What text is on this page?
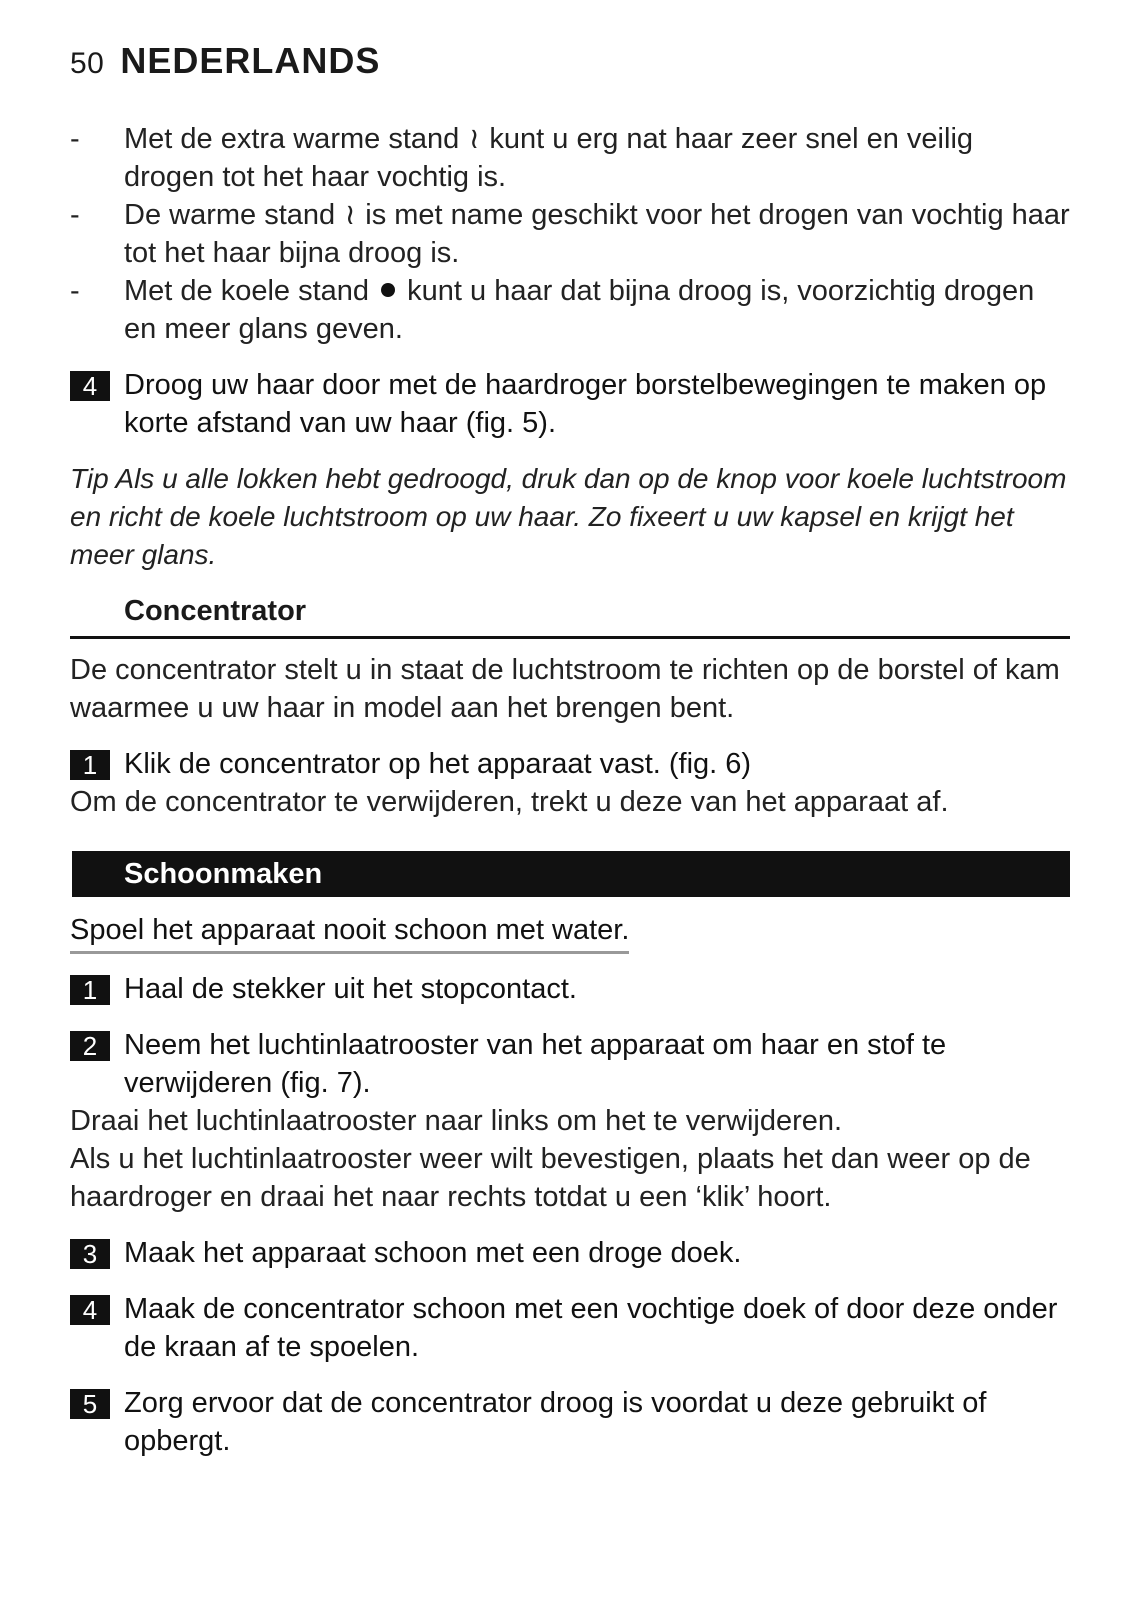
50 NEDERLANDS
- Met de extra warme stand ≀ kunt u erg nat haar zeer snel en veilig drogen tot het haar vochtig is.
- De warme stand ≀ is met name geschikt voor het drogen van vochtig haar tot het haar bijna droog is.
- Met de koele stand  kunt u haar dat bijna droog is, voorzichtig drogen en meer glans geven.
4 Droog uw haar door met de haardroger borstelbewegingen te maken op korte afstand van uw haar (fig. 5).
Tip Als u alle lokken hebt gedroogd, druk dan op de knop voor koele luchtstroom en richt de koele luchtstroom op uw haar. Zo fixeert u uw kapsel en krijgt het meer glans.
Concentrator
De concentrator stelt u in staat de luchtstroom te richten op de borstel of kam waarmee u uw haar in model aan het brengen bent.
1 Klik de concentrator op het apparaat vast. (fig. 6)
Om de concentrator te verwijderen, trekt u deze van het apparaat af.
Schoonmaken
Spoel het apparaat nooit schoon met water.
1 Haal de stekker uit het stopcontact.
2 Neem het luchtinlaatrooster van het apparaat om haar en stof te verwijderen (fig. 7).
Draai het luchtinlaatrooster naar links om het te verwijderen.
Als u het luchtinlaatrooster weer wilt bevestigen, plaats het dan weer op de haardroger en draai het naar rechts totdat u een ‘klik’ hoort.
3 Maak het apparaat schoon met een droge doek.
4 Maak de concentrator schoon met een vochtige doek of door deze onder de kraan af te spoelen.
5 Zorg ervoor dat de concentrator droog is voordat u deze gebruikt of opbergt.
